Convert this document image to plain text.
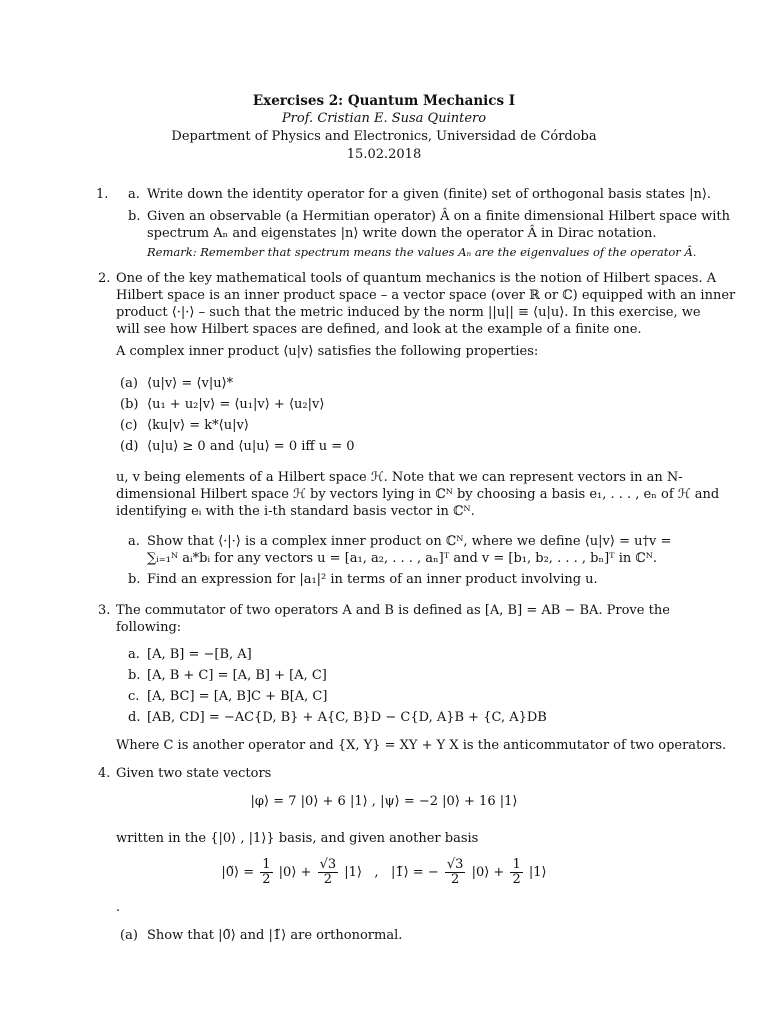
Exercises 2: Quantum Mechanics I
Prof. Cristian E. Susa Quintero
Department of Physics and Electronics, Universidad de Córdoba
15.02.2018
1. a. Write down the identity operator for a given (finite) set of orthogonal basis states |n⟩.
b. Given an observable (a Hermitian operator) Â on a finite dimensional Hilbert space with
spectrum Aₙ and eigenstates |n⟩ write down the operator Â in Dirac notation.
Remark: Remember that spectrum means the values Aₙ are the eigenvalues of the operator Â.
2. One of the key mathematical tools of quantum mechanics is the notion of Hilbert spaces. A
Hilbert space is an inner product space – a vector space (over ℝ or ℂ) equipped with an inner
product ⟨·|·⟩ – such that the metric induced by the norm ||u|| ≡ ⟨u|u⟩. In this exercise, we
will see how Hilbert spaces are defined, and look at the example of a finite one.
A complex inner product ⟨u|v⟩ satisfies the following properties:
(a) ⟨u|v⟩ = ⟨v|u⟩*
(b) ⟨u₁ + u₂|v⟩ = ⟨u₁|v⟩ + ⟨u₂|v⟩
(c) ⟨ku|v⟩ = k*⟨u|v⟩
(d) ⟨u|u⟩ ≥ 0 and ⟨u|u⟩ = 0 iff u = 0
u, v being elements of a Hilbert space ℋ. Note that we can represent vectors in an N-
dimensional Hilbert space ℋ by vectors lying in ℂᴺ by choosing a basis e₁, . . . , eₙ of ℋ and
identifying eᵢ with the i-th standard basis vector in ℂᴺ.
a. Show that ⟨·|·⟩ is a complex inner product on ℂᴺ, where we define ⟨u|v⟩ = u†v =
∑ᵢ₌₁ᴺ aᵢ*bᵢ for any vectors u = [a₁, a₂, . . . , aₙ]ᵀ and v = [b₁, b₂, . . . , bₙ]ᵀ in ℂᴺ.
b. Find an expression for |a₁|² in terms of an inner product involving u.
3. The commutator of two operators A and B is defined as [A, B] = AB − BA. Prove the
following:
a. [A, B] = −[B, A]
b. [A, B + C] = [A, B] + [A, C]
c. [A, BC] = [A, B]C + B[A, C]
d. [AB, CD] = −AC{D, B} + A{C, B}D − C{D, A}B + {C, A}DB
Where C is another operator and {X, Y} = XY + Y X is the anticommutator of two operators.
4. Given two state vectors
|φ⟩ = 7 |0⟩ + 6 |1⟩ , |ψ⟩ = −2 |0⟩ + 16 |1⟩
written in the {|0⟩ , |1⟩} basis, and given another basis
|0̃⟩ = $\frac{1}{2}$ |0⟩ + $\frac{√3}{2}$ |1⟩   ,   |1̃⟩ = − $\frac{√3}{2}$ |0⟩ + $\frac{1}{2}$ |1⟩
.
(a) Show that |0̃⟩ and |1̃⟩ are orthonormal.
